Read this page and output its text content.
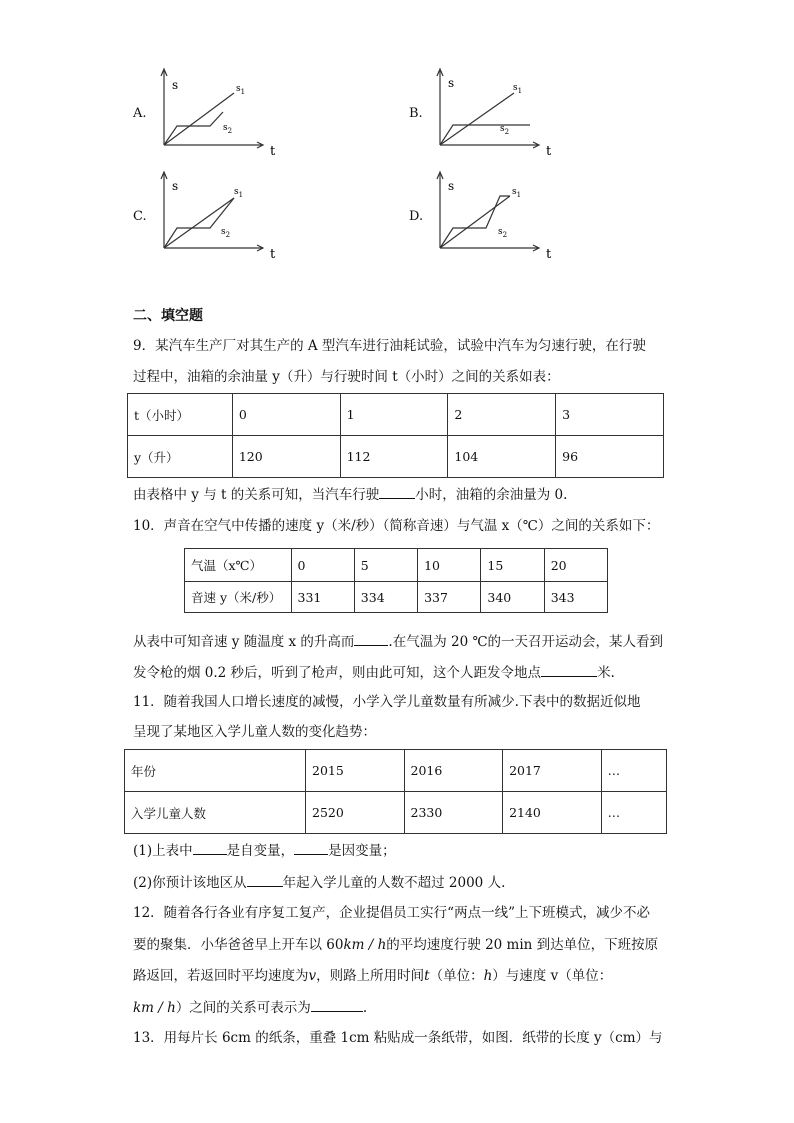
A.
s
t
$s_1$
$s_2$
B.
s
t
$s_1$
$s_2$
C.
s
t
$s_1$
$s_2$
D.
s
t
$s_1$
$s_2$
二、填空题
9．某汽车生产厂对其生产的 A 型汽车进行油耗试验，试验中汽车为匀速行驶，在行驶
过程中，油箱的余油量 y（升）与行驶时间 t（小时）之间的关系如表：
t（小时）	0	1	2	3
y（升）	120	112	104	96
由表格中 y 与 t 的关系可知，当汽车行驶	小时，油箱的余油量为 0.
10．声音在空气中传播的速度 y（米/秒）（简称音速）与气温 x（℃）之间的关系如下：
气温（x℃）	0	5	10	15	20
音速 y（米/秒）	331	334	337	340	343
从表中可知音速 y 随温度 x 的升高而	.在气温为 20 ℃的一天召开运动会，某人看到
发令枪的烟 0.2 秒后，听到了枪声，则由此可知，这个人距发令地点	米.
11．随着我国人口增长速度的减慢，小学入学儿童数量有所减少.下表中的数据近似地
呈现了某地区入学儿童人数的变化趋势：
年份	2015	2016	2017	…
入学儿童人数	2520	2330	2140	…
(1)上表中	是自变量，	是因变量；
(2)你预计该地区从	年起入学儿童的人数不超过 2000 人.
12．随着各行各业有序复工复产，企业提倡员工实行“两点一线”上下班模式，减少不必
要的聚集．小华爸爸早上开车以 60km / h的平均速度行驶 20 min 到达单位，下班按原
路返回，若返回时平均速度为v，则路上所用时间t（单位：h）与速度 v（单位：
km / h）之间的关系可表示为	.
13．用每片长 6cm 的纸条，重叠 1cm 粘贴成一条纸带，如图．纸带的长度 y（cm）与
